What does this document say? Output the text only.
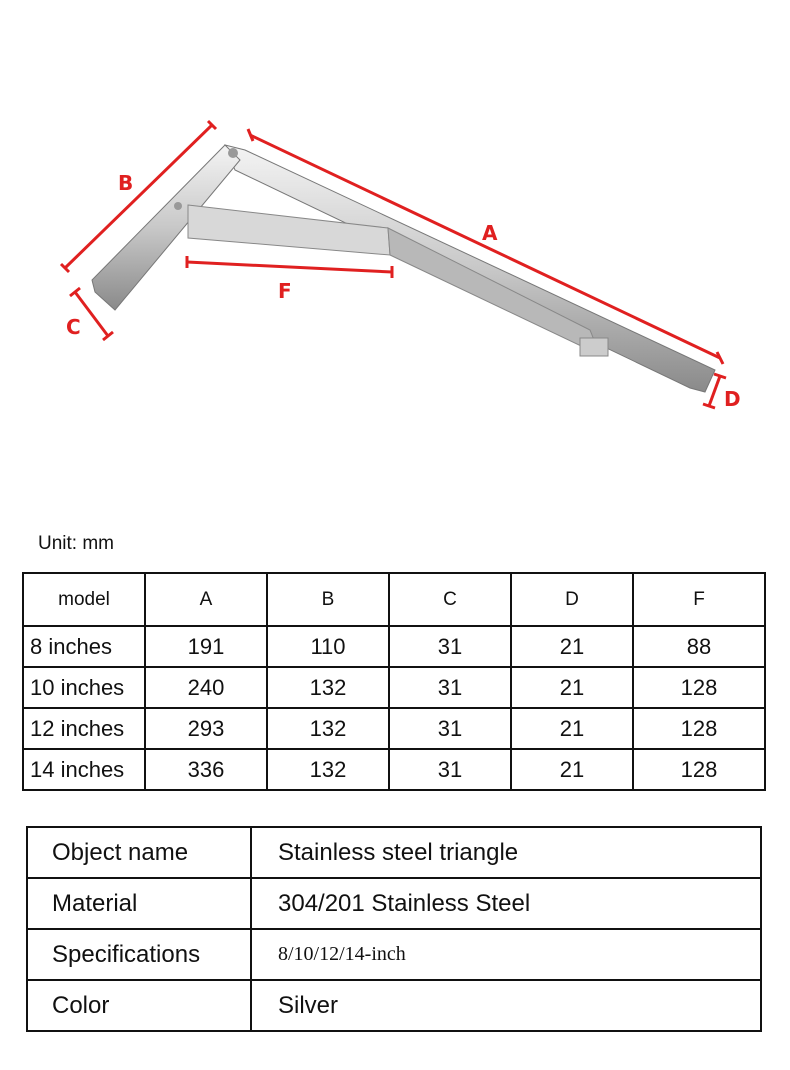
A
B
C
D
F
Unit: mm
model	A	B	C	D	F
8 inches	191	110	31	21	88
10 inches	240	132	31	21	128
12 inches	293	132	31	21	128
14 inches	336	132	31	21	128
Object name	Stainless steel triangle
Material	304/201 Stainless Steel
Specifications	8/10/12/14-inch
Color	Silver
